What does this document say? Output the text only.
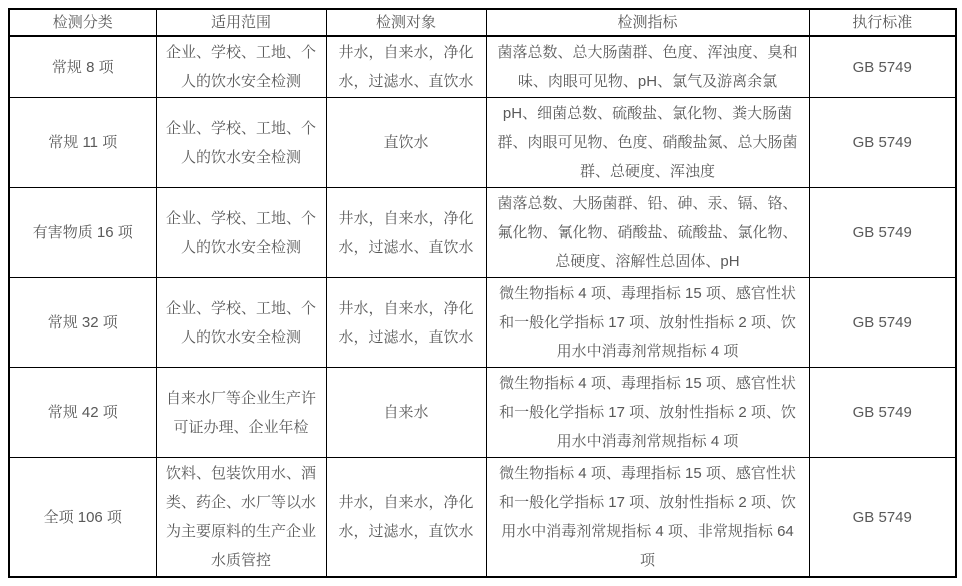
检测分类	适用范围	检测对象	检测指标	执行标准
常规 8 项	企业、学校、工地、个人的饮水安全检测	井水，自来水，净化水，过滤水、直饮水	菌落总数、总大肠菌群、色度、浑浊度、臭和味、肉眼可见物、pH、氯气及游离余氯	GB 5749
常规 11 项	企业、学校、工地、个人的饮水安全检测	直饮水	pH、细菌总数、硫酸盐、氯化物、粪大肠菌群、肉眼可见物、色度、硝酸盐氮、总大肠菌群、总硬度、浑浊度	GB 5749
有害物质 16 项	企业、学校、工地、个人的饮水安全检测	井水，自来水，净化水，过滤水、直饮水	菌落总数、大肠菌群、铅、砷、汞、镉、铬、氟化物、氰化物、硝酸盐、硫酸盐、氯化物、总硬度、溶解性总固体、pH	GB 5749
常规 32 项	企业、学校、工地、个人的饮水安全检测	井水，自来水，净化水，过滤水，直饮水	微生物指标 4 项、毒理指标 15 项、感官性状和一般化学指标 17 项、放射性指标 2 项、饮用水中消毒剂常规指标 4 项	GB 5749
常规 42 项	自来水厂等企业生产许可证办理、企业年检	自来水	微生物指标 4 项、毒理指标 15 项、感官性状和一般化学指标 17 项、放射性指标 2 项、饮用水中消毒剂常规指标 4 项	GB 5749
全项 106 项	饮料、包装饮用水、酒类、药企、水厂等以水为主要原料的生产企业水质管控	井水，自来水，净化水，过滤水，直饮水	微生物指标 4 项、毒理指标 15 项、感官性状和一般化学指标 17 项、放射性指标 2 项、饮用水中消毒剂常规指标 4 项、非常规指标 64 项	GB 5749
